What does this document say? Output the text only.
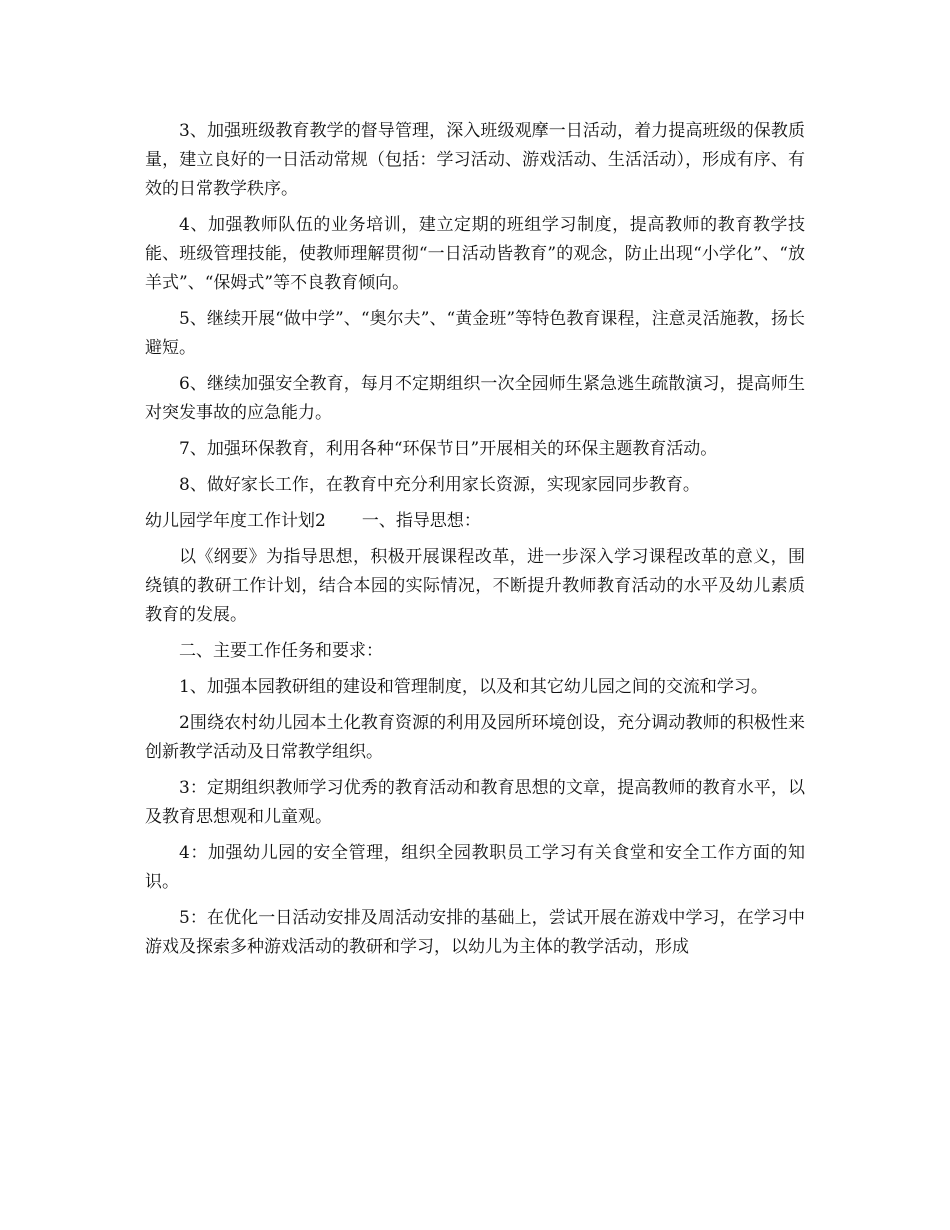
3、加强班级教育教学的督导管理，深入班级观摩一日活动，着力提高班级的保教质量，建立良好的一日活动常规（包括：学习活动、游戏活动、生活活动），形成有序、有效的日常教学秩序。

4、加强教师队伍的业务培训，建立定期的班组学习制度，提高教师的教育教学技能、班级管理技能，使教师理解贯彻“一日活动皆教育”的观念，防止出现“小学化”、“放羊式”、“保姆式”等不良教育倾向。

5、继续开展“做中学”、“奥尔夫”、“黄金班”等特色教育课程，注意灵活施教，扬长避短。

6、继续加强安全教育，每月不定期组织一次全园师生紧急逃生疏散演习，提高师生对突发事故的应急能力。

7、加强环保教育，利用各种“环保节日”开展相关的环保主题教育活动。

8、做好家长工作，在教育中充分利用家长资源，实现家园同步教育。

幼儿园学年度工作计划2 一、指导思想：

以《纲要》为指导思想，积极开展课程改革，进一步深入学习课程改革的意义，围绕镇的教研工作计划，结合本园的实际情况，不断提升教师教育活动的水平及幼儿素质教育的发展。

二、主要工作任务和要求：

1、加强本园教研组的建设和管理制度，以及和其它幼儿园之间的交流和学习。

2围绕农村幼儿园本土化教育资源的利用及园所环境创设，充分调动教师的积极性来创新教学活动及日常教学组织。

3：定期组织教师学习优秀的教育活动和教育思想的文章，提高教师的教育水平，以及教育思想观和儿童观。

4：加强幼儿园的安全管理，组织全园教职员工学习有关食堂和安全工作方面的知识。

5：在优化一日活动安排及周活动安排的基础上，尝试开展在游戏中学习，在学习中游戏及探索多种游戏活动的教研和学习，以幼儿为主体的教学活动，形成
